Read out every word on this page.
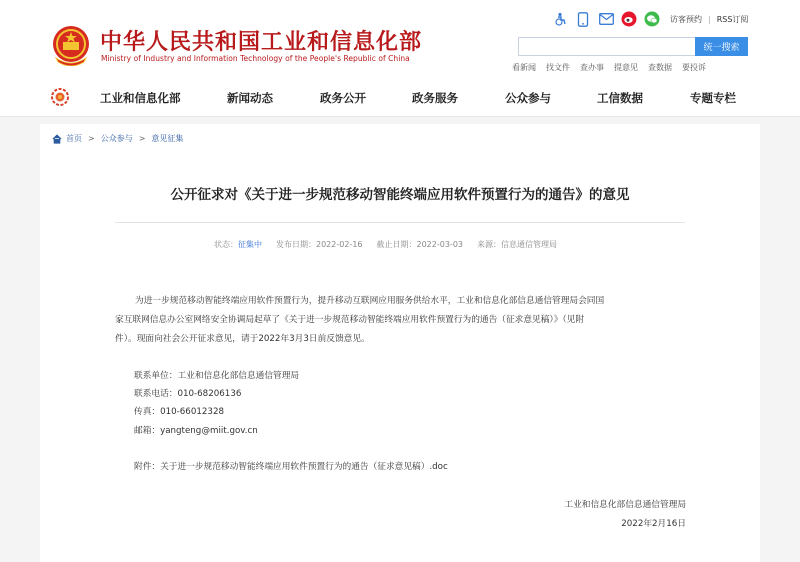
中华人民共和国工业和信息化部
Ministry of Industry and Information Technology of the People's Republic of China
访客预约 | RSS订阅
统一搜索
看新闻 找文件 查办事 提意见 查数据 要投诉
工业和信息化部	新闻动态	政务公开	政务服务	公众参与	工信数据	专题专栏
首页 > 公众参与 > 意见征集
公开征求对《关于进一步规范移动智能终端应用软件预置行为的通告》的意见
状态：征集中 发布日期：2022-02-16 截止日期：2022-03-03 来源：信息通信管理局
为进一步规范移动智能终端应用软件预置行为，提升移动互联网应用服务供给水平，工业和信息化部信息通信管理局会同国
家互联网信息办公室网络安全协调局起草了《关于进一步规范移动智能终端应用软件预置行为的通告（征求意见稿）》（见附
件）。现面向社会公开征求意见，请于2022年3月3日前反馈意见。
联系单位：工业和信息化部信息通信管理局
联系电话：010-68206136
传真：010-66012328
邮箱：yangteng@miit.gov.cn
附件：关于进一步规范移动智能终端应用软件预置行为的通告（征求意见稿）.doc
工业和信息化部信息通信管理局
2022年2月16日
